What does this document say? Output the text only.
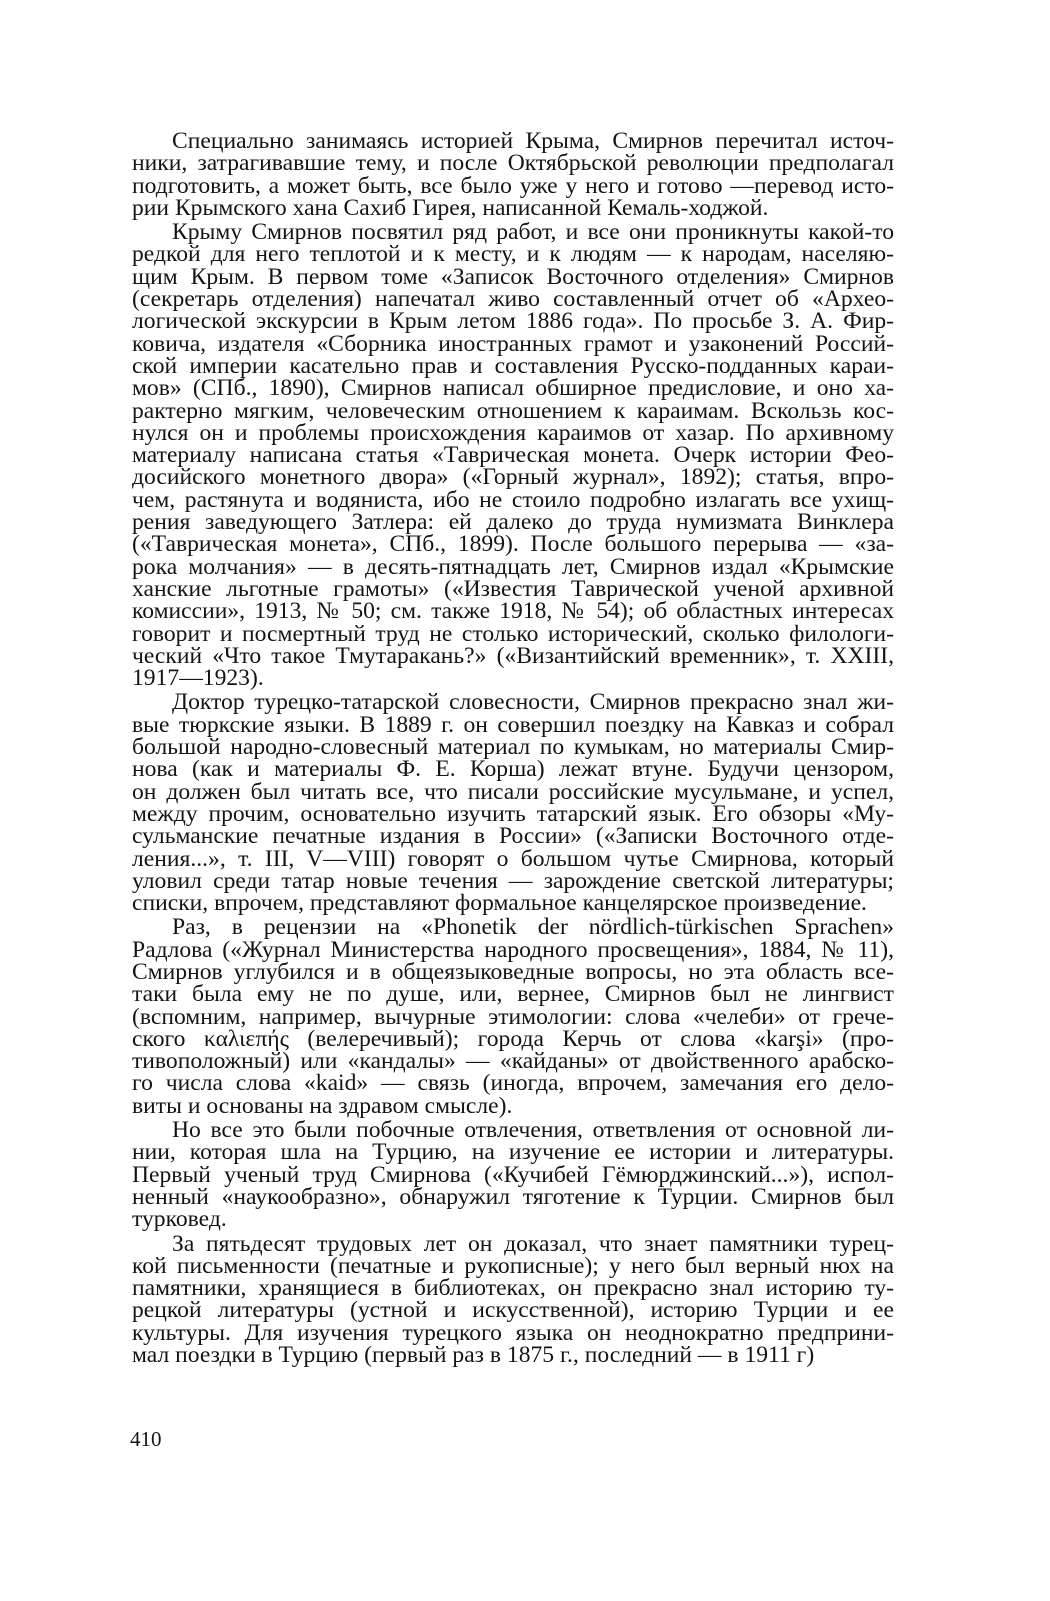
Специально занимаясь историей Крыма, Смирнов перечитал источ-
ники, затрагивавшие тему, и после Октябрьской революции предполагал
подготовить, а может быть, все было уже у него и готово —перевод исто-
рии Крымского хана Сахиб Гирея, написанной Кемаль-ходжой.
Крыму Смирнов посвятил ряд работ, и все они проникнуты какой-то
редкой для него теплотой и к месту, и к людям — к народам, населяю-
щим Крым. В первом томе «Записок Восточного отделения» Смирнов
(секретарь отделения) напечатал живо составленный отчет об «Архео-
логической экскурсии в Крым летом 1886 года». По просьбе З. А. Фир-
ковича, издателя «Сборника иностранных грамот и узаконений Россий-
ской империи касательно прав и составления Русско-подданных караи-
мов» (СПб., 1890), Смирнов написал обширное предисловие, и оно ха-
рактерно мягким, человеческим отношением к караимам. Вскользь кос-
нулся он и проблемы происхождения караимов от хазар. По архивному
материалу написана статья «Таврическая монета. Очерк истории Фео-
досийского монетного двора» («Горный журнал», 1892); статья, впро-
чем, растянута и водяниста, ибо не стоило подробно излагать все ухищ-
рения заведующего Затлера: ей далеко до труда нумизмата Винклера
(«Таврическая монета», СПб., 1899). После большого перерыва — «за-
рока молчания» — в десять-пятнадцать лет, Смирнов издал «Крымские
ханские льготные грамоты» («Известия Таврической ученой архивной
комиссии», 1913, № 50; см. также 1918, № 54); об областных интересах
говорит и посмертный труд не столько исторический, сколько филологи-
ческий «Что такое Тмутаракань?» («Византийский временник», т. XXIII,
1917—1923).
Доктор турецко-татарской словесности, Смирнов прекрасно знал жи-
вые тюркские языки. В 1889 г. он совершил поездку на Кавказ и собрал
большой народно-словесный материал по кумыкам, но материалы Смир-
нова (как и материалы Ф. Е. Корша) лежат втуне. Будучи цензором,
он должен был читать все, что писали российские мусульмане, и успел,
между прочим, основательно изучить татарский язык. Его обзоры «Му-
сульманские печатные издания в России» («Записки Восточного отде-
ления...», т. III, V—VIII) говорят о большом чутье Смирнова, который
уловил среди татар новые течения — зарождение светской литературы;
списки, впрочем, представляют формальное канцелярское произведение.
Раз, в рецензии на «Phonetik der nördlich-türkischen Sprachen»
Радлова («Журнал Министерства народного просвещения», 1884, № 11),
Смирнов углубился и в общеязыковедные вопросы, но эта область все-
таки была ему не по душе, или, вернее, Смирнов был не лингвист
(вспомним, например, вычурные этимологии: слова «челеби» от грече-
ского καλιεπής (велеречивый); города Керчь от слова «karşi» (про-
тивоположный) или «кандалы» — «кайданы» от двойственного арабско-
го числа слова «kaid» — связь (иногда, впрочем, замечания его дело-
виты и основаны на здравом смысле).
Но все это были побочные отвлечения, ответвления от основной ли-
нии, которая шла на Турцию, на изучение ее истории и литературы.
Первый ученый труд Смирнова («Кучибей Гёмюрджинский...»), испол-
ненный «наукообразно», обнаружил тяготение к Турции. Смирнов был
турковед.
За пятьдесят трудовых лет он доказал, что знает памятники турец-
кой письменности (печатные и рукописные); у него был верный нюх на
памятники, хранящиеся в библиотеках, он прекрасно знал историю ту-
рецкой литературы (устной и искусственной), историю Турции и ее
культуры. Для изучения турецкого языка он неоднократно предприни-
мал поездки в Турцию (первый раз в 1875 г., последний — в 1911 г)
410
